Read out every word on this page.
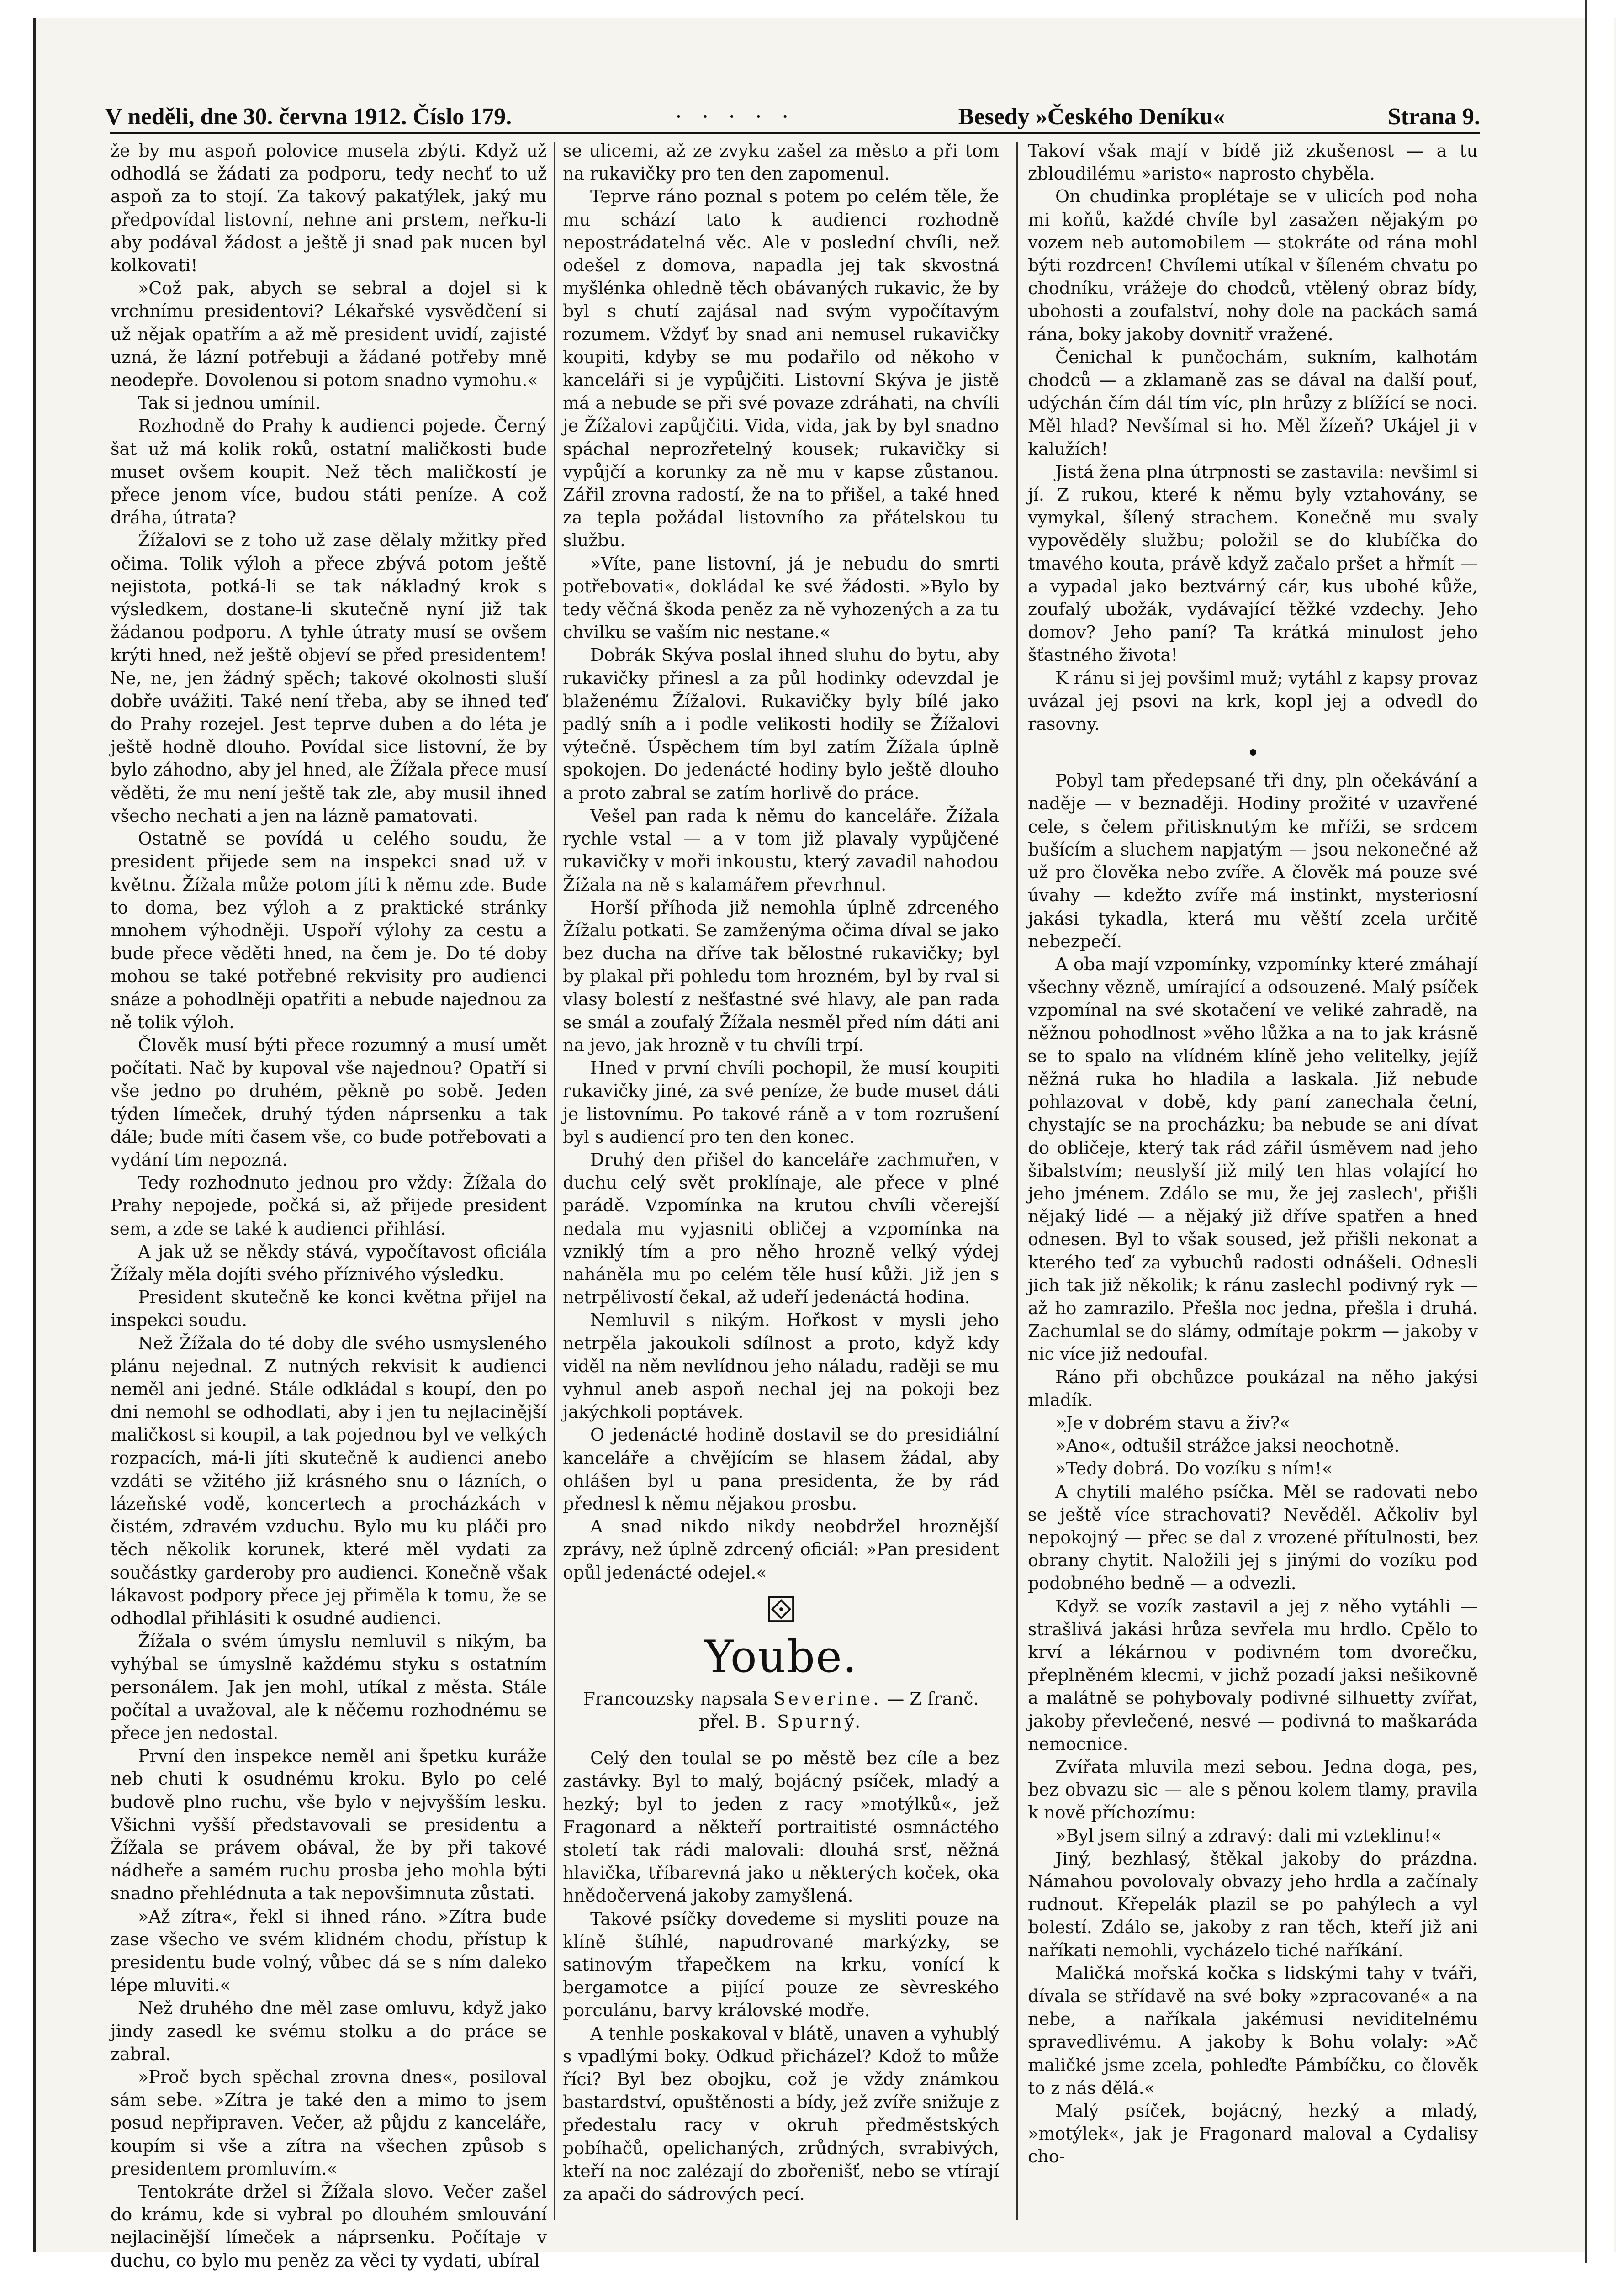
V neděli, dne 30. června 1912. Číslo 179.	· · · · ·	Besedy »Českého Deníku«	Strana 9.

že by mu aspoň polovice musela zbýti. Když už odhodlá se žádati za podporu, tedy nechť to už aspoň za to stojí. Za takový pakatýlek, jaký mu předpovídal listovní, nehne ani prstem, neřku-li aby podával žádost a ještě ji snad pak nucen byl kolkovati!

»Což pak, abych se sebral a dojel si k vrchnímu presidentovi? Lékařské vysvědčení si už nějak opatřím a až mě president uvidí, zajisté uzná, že lázní potřebuji a žádané potřeby mně neodepře. Dovolenou si potom snadno vymohu.«

Tak si jednou umínil.

Rozhodně do Prahy k audienci pojede. Černý šat už má kolik roků, ostatní maličkosti bude muset ovšem koupit. Než těch maličkostí je přece jenom více, budou státi peníze. A což dráha, útrata?

Žížalovi se z toho už zase dělaly mžitky před očima. Tolik výloh a přece zbývá potom ještě nejistota, potká-li se tak nákladný krok s výsledkem, dostane-li skutečně nyní již tak žádanou podporu. A tyhle útraty musí se ovšem krýti hned, než ještě objeví se před presidentem! Ne, ne, jen žádný spěch; takové okolnosti sluší dobře uvážiti. Také není třeba, aby se ihned teď do Prahy rozejel. Jest teprve duben a do léta je ještě hodně dlouho. Povídal sice listovní, že by bylo záhodno, aby jel hned, ale Žížala přece musí věděti, že mu není ještě tak zle, aby musil ihned všecho nechati a jen na lázně pamatovati.

Ostatně se povídá u celého soudu, že president přijede sem na inspekci snad už v květnu. Žížala může potom jíti k němu zde. Bude to doma, bez výloh a z praktické stránky mnohem výhodněji. Uspoří výlohy za cestu a bude přece věděti hned, na čem je. Do té doby mohou se také potřebné rekvisity pro audienci snáze a pohodlněji opatřiti a nebude najednou za ně tolik výloh.

Člověk musí býti přece rozumný a musí umět počítati. Nač by kupoval vše najednou? Opatří si vše jedno po druhém, pěkně po sobě. Jeden týden límeček, druhý týden náprsenku a tak dále; bude míti časem vše, co bude potřebovati a vydání tím nepozná.

Tedy rozhodnuto jednou pro vždy: Žížala do Prahy nepojede, počká si, až přijede president sem, a zde se také k audienci přihlásí.

A jak už se někdy stává, vypočítavost oficiála Žížaly měla dojíti svého příznivého výsledku.

President skutečně ke konci května přijel na inspekci soudu.

Než Žížala do té doby dle svého usmysleného plánu nejednal. Z nutných rekvisit k audienci neměl ani jedné. Stále odkládal s koupí, den po dni nemohl se odhodlati, aby i jen tu nejlacinější maličkost si koupil, a tak pojednou byl ve velkých rozpacích, má-li jíti skutečně k audienci anebo vzdáti se vžitého již krásného snu o lázních, o lázeňské vodě, koncertech a procházkách v čistém, zdravém vzduchu. Bylo mu ku pláči pro těch několik korunek, které měl vydati za součástky garderoby pro audienci. Konečně však lákavost podpory přece jej přiměla k tomu, že se odhodlal přihlásiti k osudné audienci.

Žížala o svém úmyslu nemluvil s nikým, ba vyhýbal se úmyslně každému styku s ostatním personálem. Jak jen mohl, utíkal z města. Stále počítal a uvažoval, ale k něčemu rozhodnému se přece jen nedostal.

První den inspekce neměl ani špetku kuráže neb chuti k osudnému kroku. Bylo po celé budově plno ruchu, vše bylo v nejvyšším lesku. Všichni vyšší představovali se presidentu a Žížala se právem obával, že by při takové nádheře a samém ruchu prosba jeho mohla býti snadno přehlédnuta a tak nepovšimnuta zůstati.

»Až zítra«, řekl si ihned ráno. »Zítra bude zase všecho ve svém klidném chodu, přístup k presidentu bude volný, vůbec dá se s ním daleko lépe mluviti.«

Než druhého dne měl zase omluvu, když jako jindy zasedl ke svému stolku a do práce se zabral.

»Proč bych spěchal zrovna dnes«, posiloval sám sebe. »Zítra je také den a mimo to jsem posud nepřipraven. Večer, až půjdu z kanceláře, koupím si vše a zítra na všechen způsob s presidentem promluvím.«

Tentokráte držel si Žížala slovo. Večer zašel do krámu, kde si vybral po dlouhém smlouvání nejlacinější límeček a náprsenku. Počítaje v duchu, co bylo mu peněz za věci ty vydati, ubíral

se ulicemi, až ze zvyku zašel za město a při tom na rukavičky pro ten den zapomenul.

Teprve ráno poznal s potem po celém těle, že mu schází tato k audienci rozhodně nepostrádatelná věc. Ale v poslední chvíli, než odešel z domova, napadla jej tak skvostná myšlénka ohledně těch obávaných rukavic, že by byl s chutí zajásal nad svým vypočítavým rozumem. Vždyť by snad ani nemusel rukavičky koupiti, kdyby se mu podařilo od někoho v kanceláři si je vypůjčiti. Listovní Skýva je jistě má a nebude se při své povaze zdráhati, na chvíli je Žížalovi zapůjčiti. Vida, vida, jak by byl snadno spáchal neprozřetelný kousek; rukavičky si vypůjčí a korunky za ně mu v kapse zůstanou. Zářil zrovna radostí, že na to přišel, a také hned za tepla požádal listovního za přátelskou tu službu.

»Víte, pane listovní, já je nebudu do smrti potřebovati«, dokládal ke své žádosti. »Bylo by tedy věčná škoda peněz za ně vyhozených a za tu chvilku se vaším nic nestane.«

Dobrák Skýva poslal ihned sluhu do bytu, aby rukavičky přinesl a za půl hodinky odevzdal je blaženému Žížalovi. Rukavičky byly bílé jako padlý sníh a i podle velikosti hodily se Žížalovi výtečně. Úspěchem tím byl zatím Žížala úplně spokojen. Do jedenácté hodiny bylo ještě dlouho a proto zabral se zatím horlivě do práce.

Vešel pan rada k němu do kanceláře. Žížala rychle vstal — a v tom již plavaly vypůjčené rukavičky v moři inkoustu, který zavadil nahodou Žížala na ně s kalamářem převrhnul.

Horší příhoda již nemohla úplně zdrceného Žížalu potkati. Se zamženýma očima díval se jako bez ducha na dříve tak bělostné rukavičky; byl by plakal při pohledu tom hrozném, byl by rval si vlasy bolestí z nešťastné své hlavy, ale pan rada se smál a zoufalý Žížala nesměl před ním dáti ani na jevo, jak hrozně v tu chvíli trpí.

Hned v první chvíli pochopil, že musí koupiti rukavičky jiné, za své peníze, že bude muset dáti je listovnímu. Po takové ráně a v tom rozrušení byl s audiencí pro ten den konec.

Druhý den přišel do kanceláře zachmuřen, v duchu celý svět proklínaje, ale přece v plné parádě. Vzpomínka na krutou chvíli včerejší nedala mu vyjasniti obličej a vzpomínka na vzniklý tím a pro něho hrozně velký výdej naháněla mu po celém těle husí kůži. Již jen s netrpělivostí čekal, až udeří jedenáctá hodina.

Nemluvil s nikým. Hořkost v mysli jeho netrpěla jakoukoli sdílnost a proto, když kdy viděl na něm nevlídnou jeho náladu, raději se mu vyhnul aneb aspoň nechal jej na pokoji bez jakýchkoli poptávek.

O jedenácté hodině dostavil se do presidiální kanceláře a chvějícím se hlasem žádal, aby ohlášen byl u pana presidenta, že by rád přednesl k němu nějakou prosbu.

A snad nikdo nikdy neobdržel hroznější zprávy, než úplně zdrcený oficiál: »Pan president opůl jedenácté odejel.«

Yoube.

Francouzsky napsala Severine. — Z franč. přel. B. Spurný.

Celý den toulal se po městě bez cíle a bez zastávky. Byl to malý, bojácný psíček, mladý a hezký; byl to jeden z racy »motýlků«, jež Fragonard a někteří portraitisté osmnáctého století tak rádi malovali: dlouhá srsť, něžná hlavička, tříbarevná jako u některých koček, oka hnědočervená jakoby zamyšlená.

Takové psíčky dovedeme si mysliti pouze na klíně štíhlé, napudrované markýzky, se satinovým třapečkem na krku, vonící k bergamotce a pijící pouze ze sèvreského porculánu, barvy královské modře.

A tenhle poskakoval v blátě, unaven a vyhublý s vpadlými boky. Odkud přicházel? Kdož to může říci? Byl bez obojku, což je vždy známkou bastardství, opuštěnosti a bídy, jež zvíře snižuje z předestalu racy v okruh předměstských pobíhačů, opelichaných, zrůdných, svrabivých, kteří na noc zalézají do zbořenišť, nebo se vtírají za apači do sádrových pecí.

Takoví však mají v bídě již zkušenost — a tu zbloudilému »aristo« naprosto chyběla.

On chudinka proplétaje se v ulicích pod noha mi koňů, každé chvíle byl zasažen nějakým po vozem neb automobilem — stokráte od rána mohl býti rozdrcen! Chvílemi utíkal v šíleném chvatu po chodníku, vrážeje do chodců, vtělený obraz bídy, ubohosti a zoufalství, nohy dole na packách samá rána, boky jakoby dovnitř vražené.

Čenichal k punčochám, sukním, kalhotám chodců — a zklamaně zas se dával na další pouť, udýchán čím dál tím víc, pln hrůzy z blížící se noci. Měl hlad? Nevšímal si ho. Měl žízeň? Ukájel ji v kalužích!

Jistá žena plna útrpnosti se zastavila: nevšiml si jí. Z rukou, které k němu byly vztahovány, se vymykal, šílený strachem. Konečně mu svaly vypověděly službu; položil se do klubíčka do tmavého kouta, právě když začalo pršet a hřmít — a vypadal jako beztvárný cár, kus ubohé kůže, zoufalý ubožák, vydávající těžké vzdechy. Jeho domov? Jeho paní? Ta krátká minulost jeho šťastného života!

K ránu si jej povšiml muž; vytáhl z kapsy provaz uvázal jej psovi na krk, kopl jej a odvedl do rasovny.

Pobyl tam předepsané tři dny, pln očekávání a naděje — v beznaději. Hodiny prožité v uzavřené cele, s čelem přitisknutým ke mříži, se srdcem bušícím a sluchem napjatým — jsou nekonečné až už pro člověka nebo zvíře. A člověk má pouze své úvahy — kdežto zvíře má instinkt, mysteriosní jakási tykadla, která mu věští zcela určitě nebezpečí.

A oba mají vzpomínky, vzpomínky které zmáhají všechny vězně, umírající a odsouzené. Malý psíček vzpomínal na své skotačení ve veliké zahradě, na něžnou pohodlnost »věho lůžka a na to jak krásně se to spalo na vlídném klíně jeho velitelky, jejíž něžná ruka ho hladila a laskala. Již nebude pohlazovat v době, kdy paní zanechala četní, chystajíc se na procházku; ba nebude se ani dívat do obličeje, který tak rád zářil úsměvem nad jeho šibalstvím; neuslyší již milý ten hlas volající ho jeho jménem. Zdálo se mu, že jej zaslech', přišli nějaký lidé — a nějaký již dříve spatřen a hned odnesen. Byl to však soused, jež přišli nekonat a kterého teď za vybuchů radosti odnášeli. Odnesli jich tak již několik; k ránu zaslechl podivný ryk — až ho zamrazilo. Přešla noc jedna, přešla i druhá. Zachumlal se do slámy, odmítaje pokrm — jakoby v nic více již nedoufal.

Ráno při obchůzce poukázal na něho jakýsi mladík.

»Je v dobrém stavu a živ?«

»Ano«, odtušil strážce jaksi neochotně.

»Tedy dobrá. Do vozíku s ním!«

A chytili malého psíčka. Měl se radovati nebo se ještě více strachovati? Nevěděl. Ačkoliv byl nepokojný — přec se dal z vrozené přítulnosti, bez obrany chytit. Naložili jej s jinými do vozíku pod podobného bedně — a odvezli.

Když se vozík zastavil a jej z něho vytáhli — strašlivá jakási hrůza sevřela mu hrdlo. Cpělo to krví a lékárnou v podivném tom dvorečku, přeplněném klecmi, v jichž pozadí jaksi nešikovně a malátně se pohybovaly podivné silhuetty zvířat, jakoby převlečené, nesvé — podivná to maškaráda nemocnice.

Zvířata mluvila mezi sebou. Jedna doga, pes, bez obvazu sic — ale s pěnou kolem tlamy, pravila k nově příchozímu:

»Byl jsem silný a zdravý: dali mi vzteklinu!«

Jiný, bezhlasý, štěkal jakoby do prázdna. Námahou povolovaly obvazy jeho hrdla a začínaly rudnout. Křepelák plazil se po pahýlech a vyl bolestí. Zdálo se, jakoby z ran těch, kteří již ani naříkati nemohli, vycházelo tiché naříkání.

Maličká mořská kočka s lidskými tahy v tváři, dívala se střídavě na své boky »zpracované« a na nebe, a naříkala jakémusi neviditelnému spravedlivému. A jakoby k Bohu volaly: »Ač maličké jsme zcela, pohleďte Pámbíčku, co člověk to z nás dělá.«

Malý psíček, bojácný, hezký a mladý, »motýlek«, jak je Fragonard maloval a Cydalisy cho-
